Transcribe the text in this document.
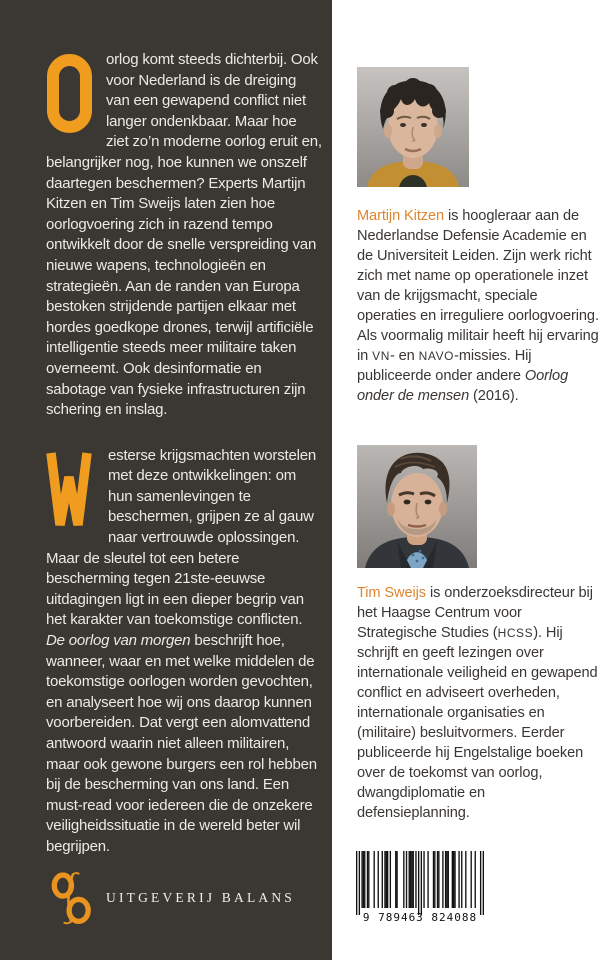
orlog komt steeds dichterbij. Ook voor Nederland is de dreiging van een gewapend conflict niet langer ondenkbaar. Maar hoe ziet zo’n moderne oorlog eruit en, belangrijker nog, hoe kunnen we onszelf daartegen beschermen? Experts Martijn Kitzen en Tim Sweijs laten zien hoe oorlogvoering zich in razend tempo ontwikkelt door de snelle verspreiding van nieuwe wapens, technologieën en strategieën. Aan de randen van Europa bestoken strijdende partijen elkaar met hordes goedkope drones, terwijl artificiële intelligentie steeds meer militaire taken overneemt. Ook desinformatie en sabotage van fysieke infrastructuren zijn schering en inslag.

esterse krijgsmachten worstelen met deze ontwikkelingen: om hun samenlevingen te beschermen, grijpen ze al gauw naar vertrouwde oplossingen. Maar de sleutel tot een betere bescherming tegen 21ste-eeuwse uitdagingen ligt in een dieper begrip van het karakter van toekomstige conflicten. De oorlog van morgen beschrijft hoe, wanneer, waar en met welke middelen de toekomstige oorlogen worden gevochten, en analyseert hoe wij ons daarop kunnen voorbereiden. Dat vergt een alomvattend antwoord waarin niet alleen militairen, maar ook gewone burgers een rol hebben bij de bescherming van ons land. Een must-read voor iedereen die de onzekere veiligheidssituatie in de wereld beter wil begrijpen.

Martijn Kitzen is hoogleraar aan de Nederlandse Defensie Academie en de Universiteit Leiden. Zijn werk richt zich met name op operationele inzet van de krijgsmacht, speciale operaties en irreguliere oorlogvoering. Als voormalig militair heeft hij ervaring in VN- en NAVO-missies. Hij publiceerde onder andere Oorlog onder de mensen (2016).
Tim Sweijs is onderzoeksdirecteur bij het Haagse Centrum voor Strategische Studies (HCSS). Hij schrijft en geeft lezingen over internationale veiligheid en gewapend conflict en adviseert overheden, internationale organisaties en (militaire) besluitvormers. Eerder publiceerde hij Engelstalige boeken over de toekomst van oorlog, dwangdiplomatie en defensieplanning.
UITGEVERIJ BALANS
9 789463 824088
